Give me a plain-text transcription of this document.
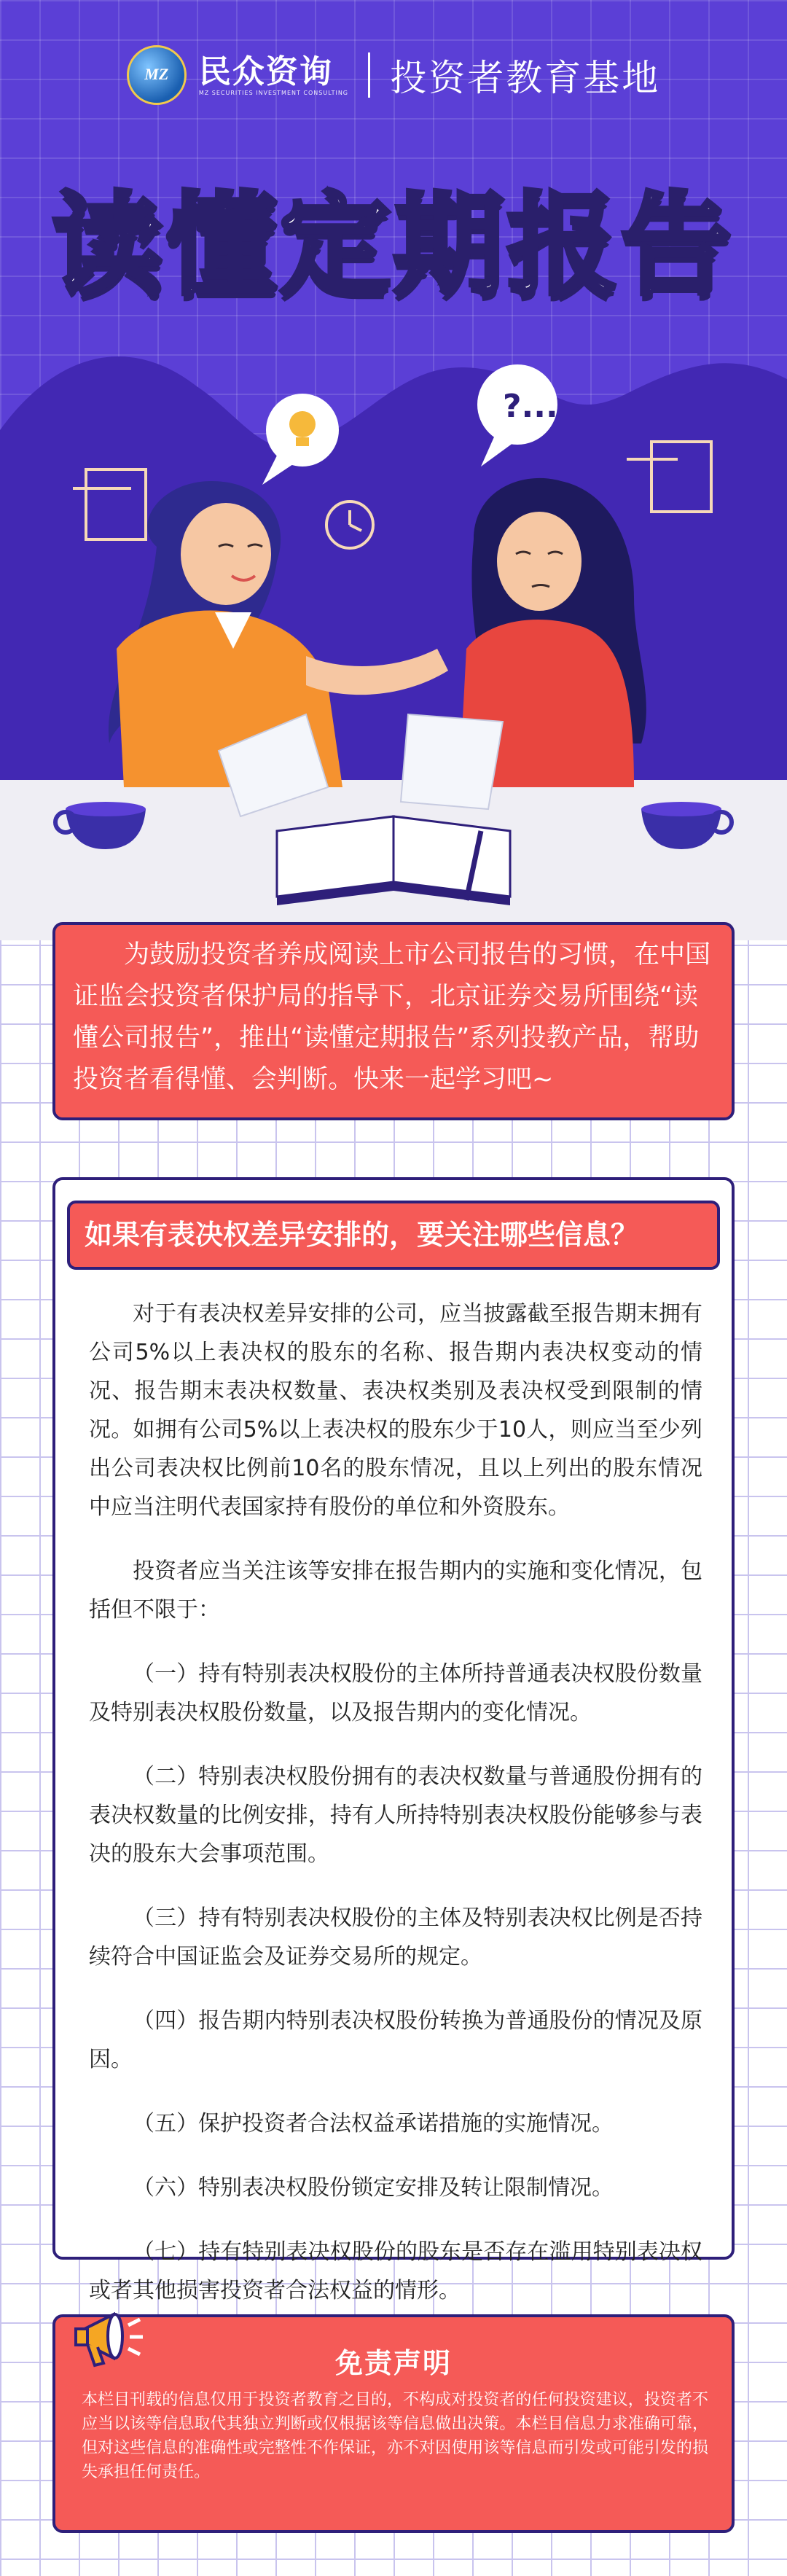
MZ
民众资询
MZ SECURITIES INVESTMENT CONSULTING 投资者教育基地
读懂定期报告
?...
为鼓励投资者养成阅读上市公司报告的习惯，在中国证监会投资者保护局的指导下，北京证券交易所围绕“读懂公司报告”，推出“读懂定期报告”系列投教产品，帮助投资者看得懂、会判断。快来一起学习吧~
如果有表决权差异安排的，要关注哪些信息？

对于有表决权差异安排的公司，应当披露截至报告期末拥有公司5%以上表决权的股东的名称、报告期内表决权变动的情况、报告期末表决权数量、表决权类别及表决权受到限制的情况。如拥有公司5%以上表决权的股东少于10人，则应当至少列出公司表决权比例前10名的股东情况，且以上列出的股东情况中应当注明代表国家持有股份的单位和外资股东。

投资者应当关注该等安排在报告期内的实施和变化情况，包括但不限于：

（一）持有特别表决权股份的主体所持普通表决权股份数量及特别表决权股份数量，以及报告期内的变化情况。

（二）特别表决权股份拥有的表决权数量与普通股份拥有的表决权数量的比例安排，持有人所持特别表决权股份能够参与表决的股东大会事项范围。

（三）持有特别表决权股份的主体及特别表决权比例是否持续符合中国证监会及证券交易所的规定。

（四）报告期内特别表决权股份转换为普通股份的情况及原因。

（五）保护投资者合法权益承诺措施的实施情况。

（六）特别表决权股份锁定安排及转让限制情况。

（七）持有特别表决权股份的股东是否存在滥用特别表决权或者其他损害投资者合法权益的情形。

免责声明
本栏目刊载的信息仅用于投资者教育之目的，不构成对投资者的任何投资建议，投资者不应当以该等信息取代其独立判断或仅根据该等信息做出决策。本栏目信息力求准确可靠，但对这些信息的准确性或完整性不作保证，亦不对因使用该等信息而引发或可能引发的损失承担任何责任。
